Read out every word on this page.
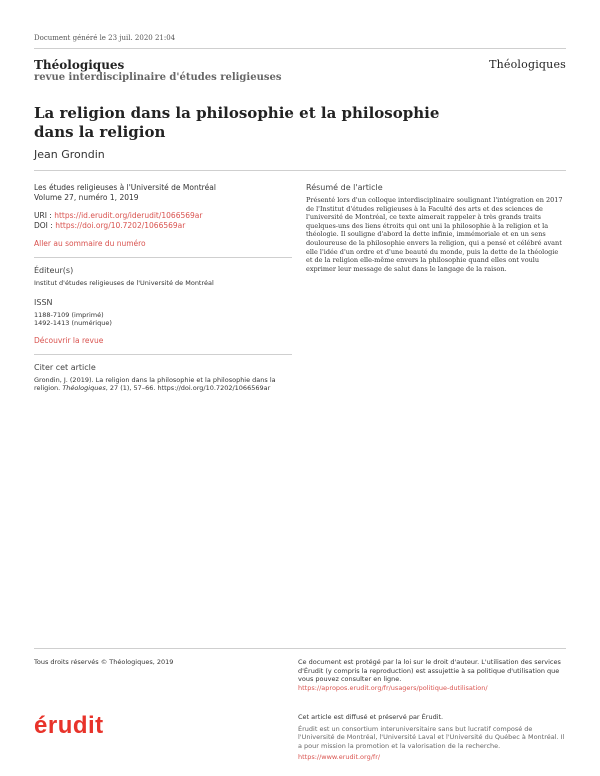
Document généré le 23 juil. 2020 21:04
Théologiques
revue interdisciplinaire d'études religieuses
Théologiques
La religion dans la philosophie et la philosophie dans la religion
Jean Grondin
Les études religieuses à l'Université de Montréal
Volume 27, numéro 1, 2019
URI : https://id.erudit.org/iderudit/1066569ar
DOI : https://doi.org/10.7202/1066569ar
Aller au sommaire du numéro
Éditeur(s)
Institut d'études religieuses de l'Université de Montréal
ISSN
1188-7109 (imprimé)
1492-1413 (numérique)
Découvrir la revue
Citer cet article
Grondin, J. (2019). La religion dans la philosophie et la philosophie dans la religion. Théologiques, 27 (1), 57–66. https://doi.org/10.7202/1066569ar
Résumé de l'article
Présenté lors d'un colloque interdisciplinaire soulignant l'intégration en 2017 de l'Institut d'études religieuses à la Faculté des arts et des sciences de l'université de Montréal, ce texte aimerait rappeler à très grands traits quelques-uns des liens étroits qui ont uni la philosophie à la religion et la théologie. Il souligne d'abord la dette infinie, immémoriale et en un sens douloureuse de la philosophie envers la religion, qui a pensé et célébré avant elle l'idée d'un ordre et d'une beauté du monde, puis la dette de la théologie et de la religion elle-même envers la philosophie quand elles ont voulu exprimer leur message de salut dans le langage de la raison.
Tous droits réservés © Théologiques, 2019	Ce document est protégé par la loi sur le droit d'auteur. L'utilisation des services d'Érudit (y compris la reproduction) est assujettie à sa politique d'utilisation que vous pouvez consulter en ligne.
https://apropos.erudit.org/fr/usagers/politique-dutilisation/
érudit	Cet article est diffusé et préservé par Érudit.
Érudit est un consortium interuniversitaire sans but lucratif composé de l'Université de Montréal, l'Université Laval et l'Université du Québec à Montréal. Il a pour mission la promotion et la valorisation de la recherche.
https://www.erudit.org/fr/
